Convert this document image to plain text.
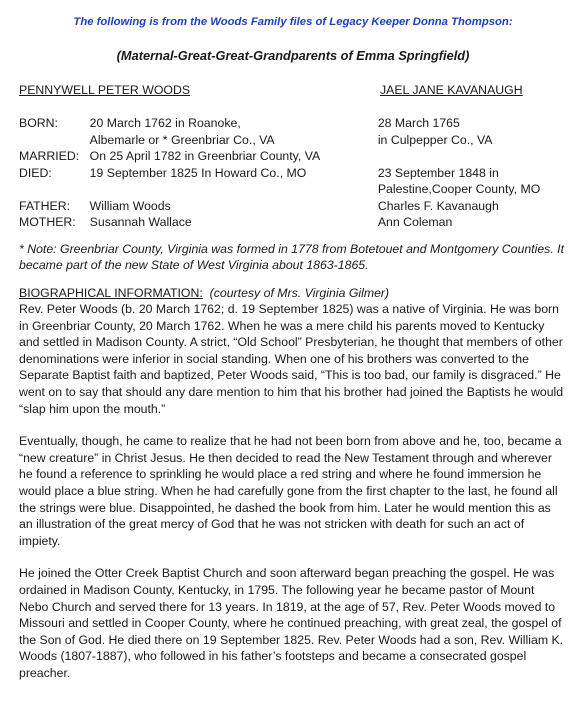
The following is from the Woods Family files of Legacy Keeper Donna Thompson:

(Maternal-Great-Great-Grandparents of Emma Springfield)

PENNYWELL PETER WOODS	JAEL JANE KAVANAUGH
BORN:	20 March 1762 in Roanoke,	28 March 1765
	Albemarle or * Greenbriar Co., VA	in Culpepper Co., VA
MARRIED:	On 25 April 1782 in Greenbriar County, VA	
DIED:	19 September 1825 In Howard Co., MO	23 September 1848 in
		Palestine,Cooper County, MO
FATHER:	William Woods	Charles F. Kavanaugh
MOTHER:	Susannah Wallace	Ann Coleman

* Note: Greenbriar County, Virginia was formed in 1778 from Botetouet and Montgomery Counties. It became part of the new State of West Virginia about 1863-1865.

BIOGRAPHICAL INFORMATION: (courtesy of Mrs. Virginia Gilmer)

Rev. Peter Woods (b. 20 March 1762; d. 19 September 1825) was a native of Virginia. He was born in Greenbriar County, 20 March 1762. When he was a mere child his parents moved to Kentucky and settled in Madison County. A strict, “Old School” Presbyterian, he thought that members of other denominations were inferior in social standing. When one of his brothers was converted to the Separate Baptist faith and baptized, Peter Woods said, “This is too bad, our family is disgraced.” He went on to say that should any dare mention to him that his brother had joined the Baptists he would “slap him upon the mouth.”

Eventually, though, he came to realize that he had not been born from above and he, too, became a “new creature” in Christ Jesus. He then decided to read the New Testament through and wherever he found a reference to sprinkling he would place a red string and where he found immersion he would place a blue string. When he had carefully gone from the first chapter to the last, he found all the strings were blue. Disappointed, he dashed the book from him. Later he would mention this as an illustration of the great mercy of God that he was not stricken with death for such an act of impiety.

He joined the Otter Creek Baptist Church and soon afterward began preaching the gospel. He was ordained in Madison County, Kentucky, in 1795. The following year he became pastor of Mount Nebo Church and served there for 13 years. In 1819, at the age of 57, Rev. Peter Woods moved to Missouri and settled in Cooper County, where he continued preaching, with great zeal, the gospel of the Son of God. He died there on 19 September 1825. Rev. Peter Woods had a son, Rev. William K. Woods (1807-1887), who followed in his father’s footsteps and became a consecrated gospel preacher.
